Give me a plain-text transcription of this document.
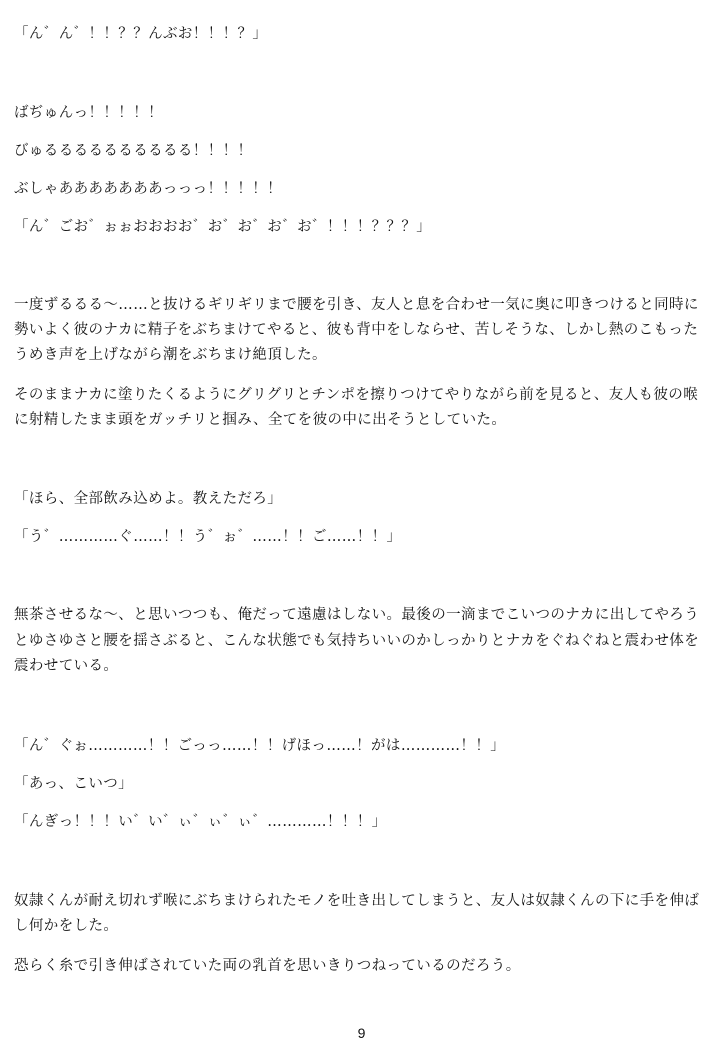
「ん゛ん゛！！？？んぶお！！！？」
ばぢゅんっ！！！！！
びゅるるるるるるるるるる！！！！
ぶしゃあああああああっっっ！！！！！
「ん゛ごお゛ぉぉおおおお゛お゛お゛お゛お゛！！！？？？」
一度ずるるる～……と抜けるギリギリまで腰を引き、友人と息を合わせ一気に奥に叩きつけると同時に
勢いよく彼のナカに精子をぶちまけてやると、彼も背中をしならせ、苦しそうな、しかし熱のこもった
うめき声を上げながら潮をぶちまけ絶頂した。
そのままナカに塗りたくるようにグリグリとチンポを擦りつけてやりながら前を見ると、友人も彼の喉
に射精したまま頭をガッチリと掴み、全てを彼の中に出そうとしていた。
「ほら、全部飲み込めよ。教えただろ」
「う゛…………ぐ……！！う゛ぉ゛……！！ご……！！」
無茶させるな～、と思いつつも、俺だって遠慮はしない。最後の一滴までこいつのナカに出してやろう
とゆさゆさと腰を揺さぶると、こんな状態でも気持ちいいのかしっかりとナカをぐねぐねと震わせ体を
震わせている。
「ん゛ぐぉ…………！！ごっっ……！！げほっ……！がは…………！！」
「あっ、こいつ」
「んぎっ！！！い゛い゛ぃ゛ぃ゛ぃ゛…………！！！」
奴隷くんが耐え切れず喉にぶちまけられたモノを吐き出してしまうと、友人は奴隷くんの下に手を伸ば
し何かをした。
恐らく糸で引き伸ばされていた両の乳首を思いきりつねっているのだろう。
9
